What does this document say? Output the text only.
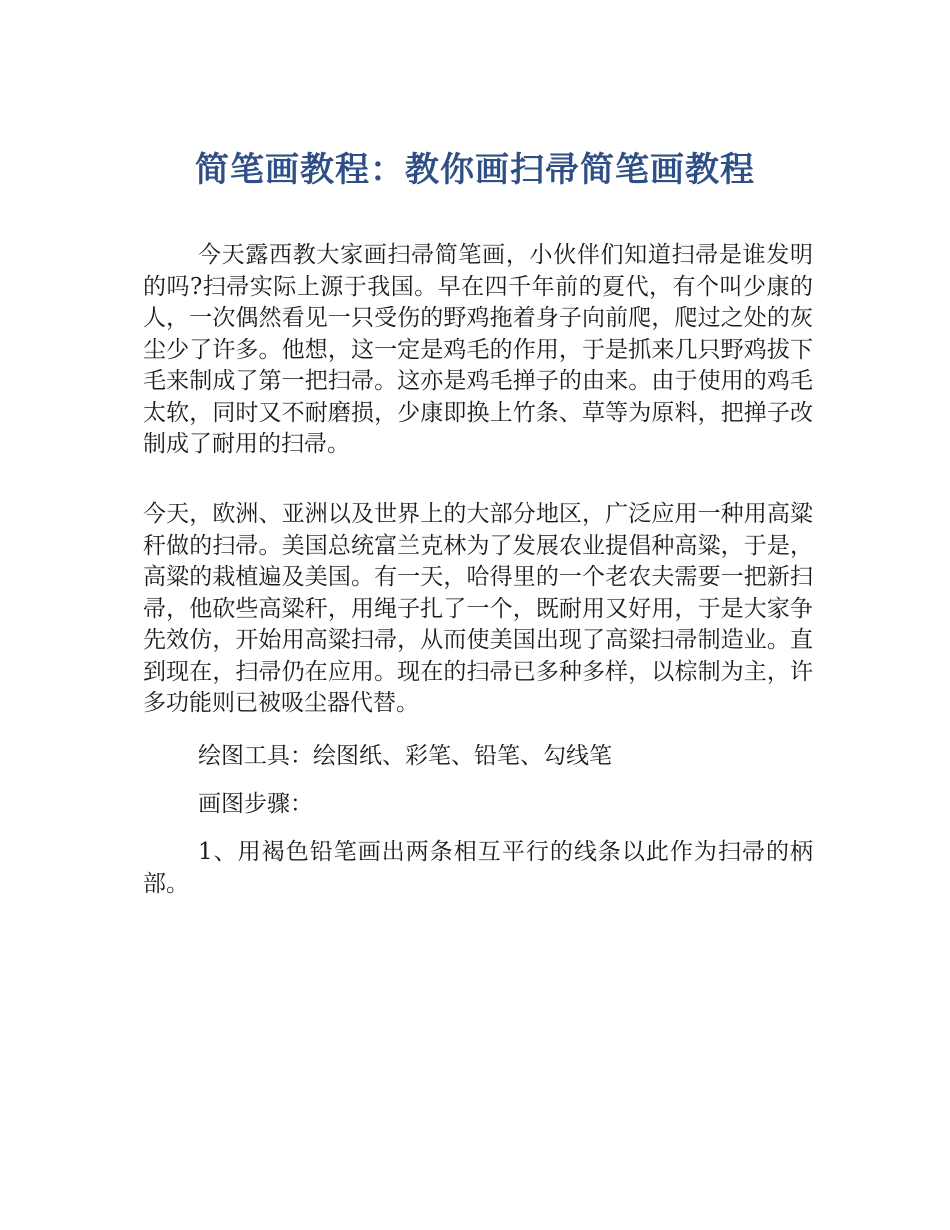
简笔画教程：教你画扫帚简笔画教程

今天露西教大家画扫帚简笔画，小伙伴们知道扫帚是谁发明的吗?扫帚实际上源于我国。早在四千年前的夏代，有个叫少康的人，一次偶然看见一只受伤的野鸡拖着身子向前爬，爬过之处的灰尘少了许多。他想，这一定是鸡毛的作用，于是抓来几只野鸡拔下毛来制成了第一把扫帚。这亦是鸡毛掸子的由来。由于使用的鸡毛太软，同时又不耐磨损，少康即换上竹条、草等为原料，把掸子改制成了耐用的扫帚。

今天，欧洲、亚洲以及世界上的大部分地区，广泛应用一种用高粱秆做的扫帚。美国总统富兰克林为了发展农业提倡种高粱，于是，高粱的栽植遍及美国。有一天，哈得里的一个老农夫需要一把新扫帚，他砍些高粱秆，用绳子扎了一个，既耐用又好用，于是大家争先效仿，开始用高粱扫帚，从而使美国出现了高粱扫帚制造业。直到现在，扫帚仍在应用。现在的扫帚已多种多样，以棕制为主，许多功能则已被吸尘器代替。

绘图工具：绘图纸、彩笔、铅笔、勾线笔

画图步骤：

1、用褐色铅笔画出两条相互平行的线条以此作为扫帚的柄部。
